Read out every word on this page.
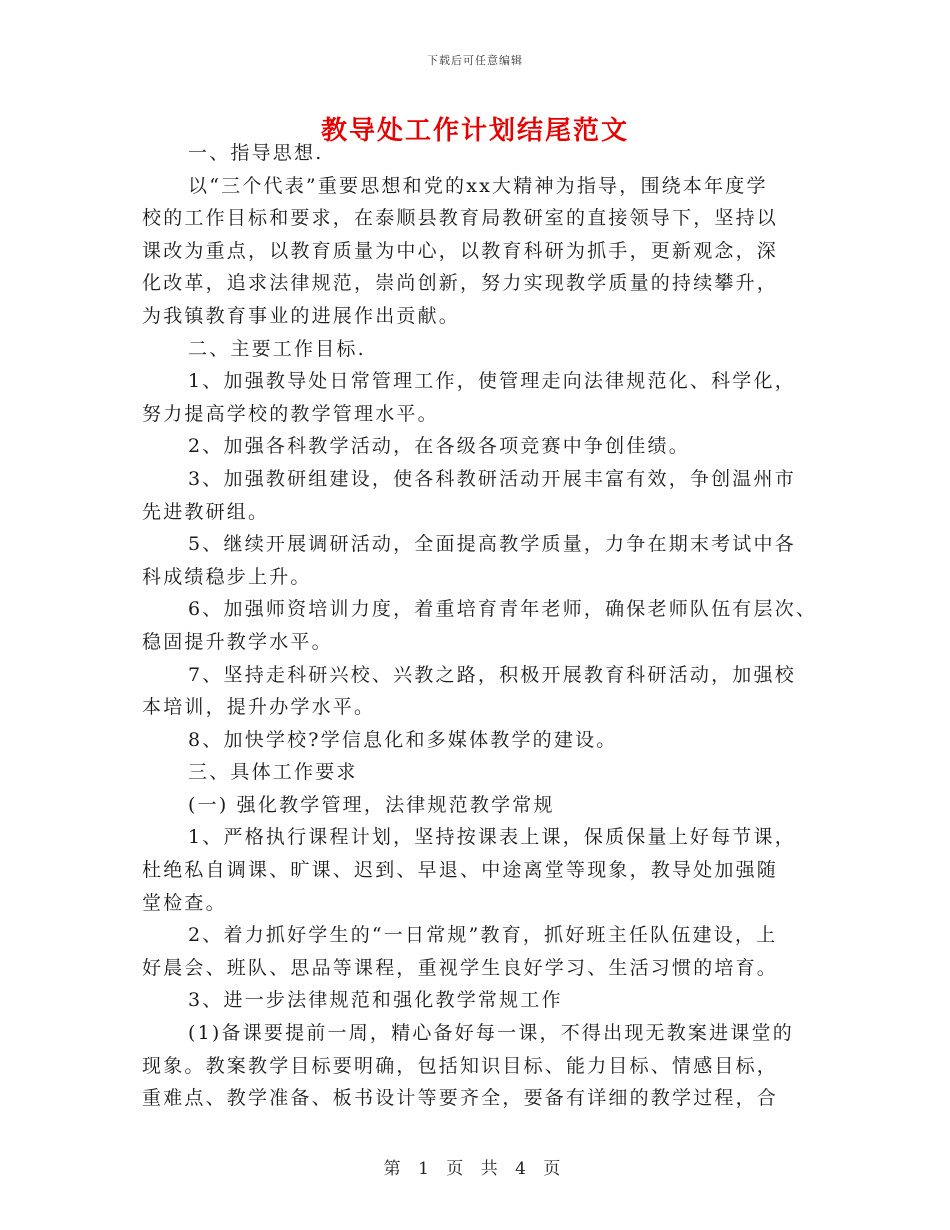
下载后可任意编辑
教导处工作计划结尾范文
一、指导思想.
以“三个代表”重要思想和党的xx大精神为指导，围绕本年度学
校的工作目标和要求，在泰顺县教育局教研室的直接领导下，坚持以
课改为重点，以教育质量为中心，以教育科研为抓手，更新观念，深
化改革，追求法律规范，崇尚创新，努力实现教学质量的持续攀升，
为我镇教育事业的进展作出贡献。
二、主要工作目标.
1、加强教导处日常管理工作，使管理走向法律规范化、科学化，
努力提高学校的教学管理水平。
2、加强各科教学活动，在各级各项竞赛中争创佳绩。
3、加强教研组建设，使各科教研活动开展丰富有效，争创温州市
先进教研组。
5、继续开展调研活动，全面提高教学质量，力争在期末考试中各
科成绩稳步上升。
6、加强师资培训力度，着重培育青年老师，确保老师队伍有层次、
稳固提升教学水平。
7、坚持走科研兴校、兴教之路，积极开展教育科研活动，加强校
本培训，提升办学水平。
8、加快学校?学信息化和多媒体教学的建设。
三、具体工作要求
(一) 强化教学管理，法律规范教学常规
1、严格执行课程计划，坚持按课表上课，保质保量上好每节课，
杜绝私自调课、旷课、迟到、早退、中途离堂等现象，教导处加强随
堂检查。
2、着力抓好学生的“一日常规”教育，抓好班主任队伍建设，上
好晨会、班队、思品等课程，重视学生良好学习、生活习惯的培育。
3、进一步法律规范和强化教学常规工作
(1)备课要提前一周，精心备好每一课，不得出现无教案进课堂的
现象。教案教学目标要明确，包括知识目标、能力目标、情感目标，
重难点、教学准备、板书设计等要齐全，要备有详细的教学过程，合
第 1 页 共 4 页
